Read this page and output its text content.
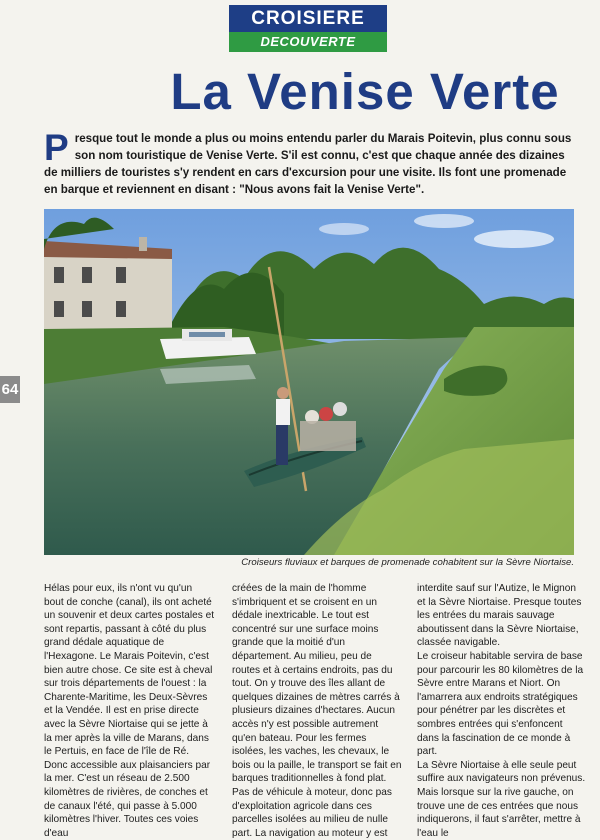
CROISIERE
DECOUVERTE
La Venise Verte
P resque tout le monde a plus ou moins entendu parler du Marais Poitevin, plus connu sous son nom touristique de Venise Verte. S'il est connu, c'est que chaque année des dizaines de milliers de touristes s'y rendent en cars d'excursion pour une visite. Ils font une promenade en barque et reviennent en disant : "Nous avons fait la Venise Verte".
Croiseurs fluviaux et barques de promenade cohabitent sur la Sèvre Niortaise.
64

Hélas pour eux, ils n'ont vu qu'un bout de conche (canal), ils ont acheté un souvenir et deux cartes postales et sont repartis, passant à côté du plus grand dédale aquatique de l'Hexagone. Le Marais Poitevin, c'est bien autre chose. Ce site est à cheval sur trois départements de l'ouest : la Charente-Maritime, les Deux-Sèvres et la Vendée. Il est en prise directe avec la Sèvre Niortaise qui se jette à la mer après la ville de Marans, dans le Pertuis, en face de l'île de Ré. Donc accessible aux plaisanciers par la mer. C'est un réseau de 2.500 kilomètres de rivières, de conches et de canaux l'été, qui passe à 5.000 kilomètres l'hiver. Toutes ces voies d'eau

créées de la main de l'homme s'imbriquent et se croisent en un dédale inextricable. Le tout est concentré sur une surface moins grande que la moitié d'un département. Au milieu, peu de routes et à certains endroits, pas du tout. On y trouve des îles allant de quelques dizaines de mètres carrés à plusieurs dizaines d'hectares. Aucun accès n'y est possible autrement qu'en bateau. Pour les fermes isolées, les vaches, les chevaux, le bois ou la paille, le transport se fait en barques traditionnelles à fond plat. Pas de véhicule à moteur, donc pas d'exploitation agricole dans ces parcelles isolées au milieu de nulle part. La navigation au moteur y est

interdite sauf sur l'Autize, le Mignon et la Sèvre Niortaise. Presque toutes les entrées du marais sauvage aboutissent dans la Sèvre Niortaise, classée navigable.

Le croiseur habitable servira de base pour parcourir les 80 kilomètres de la Sèvre entre Marans et Niort. On l'amarrera aux endroits stratégiques pour pénétrer par les discrètes et sombres entrées qui s'enfoncent dans la fascination de ce monde à part.

La Sèvre Niortaise à elle seule peut suffire aux navigateurs non prévenus. Mais lorsque sur la rive gauche, on trouve une de ces entrées que nous indiquerons, il faut s'arrêter, mettre à l'eau le
